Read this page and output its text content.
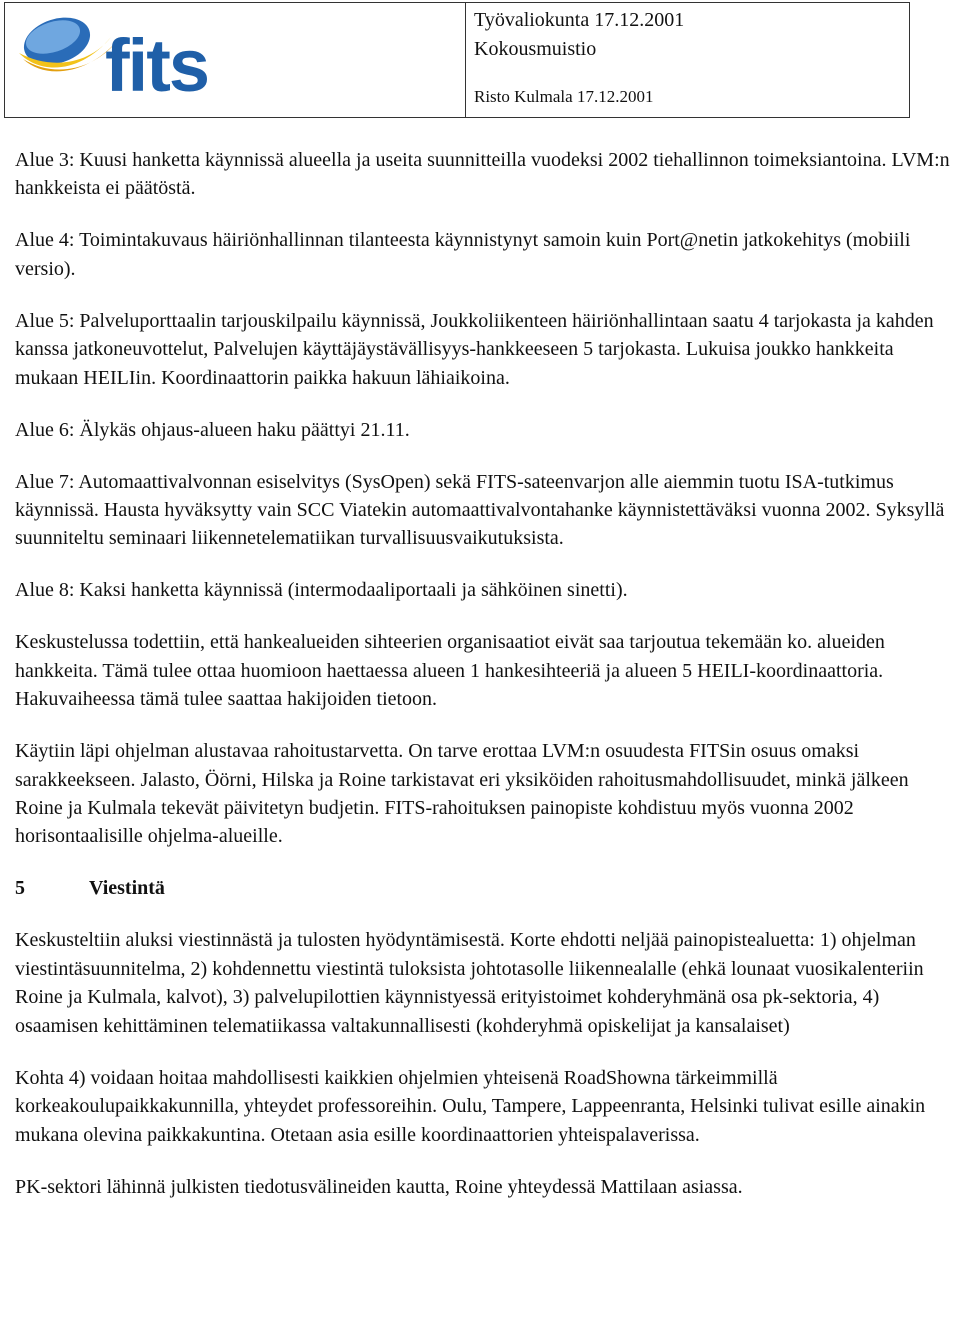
fits
Työvaliokunta 17.12.2001
Kokousmuistio
Risto Kulmala 17.12.2001

Alue 3: Kuusi hanketta käynnissä alueella ja useita suunnitteilla vuodeksi 2002 tiehallinnon toimeksiantoina. LVM:n hankkeista ei päätöstä.

Alue 4: Toimintakuvaus häiriönhallinnan tilanteesta käynnistynyt samoin kuin Port@netin jatkokehitys (mobiili versio).

Alue 5: Palveluporttaalin tarjouskilpailu käynnissä, Joukkoliikenteen häiriönhallintaan saatu 4 tarjokasta ja kahden kanssa jatkoneuvottelut, Palvelujen käyttäjäystävällisyys-hankkeeseen 5 tarjokasta. Lukuisa joukko hankkeita mukaan HEILIin. Koordinaattorin paikka hakuun lähiaikoina.

Alue 6: Älykäs ohjaus-alueen haku päättyi 21.11.

Alue 7: Automaattivalvonnan esiselvitys (SysOpen) sekä FITS-sateenvarjon alle aiemmin tuotu ISA-tutkimus käynnissä. Hausta hyväksytty vain SCC Viatekin automaattivalvontahanke käynnistettäväksi vuonna 2002. Syksyllä suunniteltu seminaari liikennetelematiikan turvallisuusvaikutuksista.

Alue 8: Kaksi hanketta käynnissä (intermodaaliportaali ja sähköinen sinetti).

Keskustelussa todettiin, että hankealueiden sihteerien organisaatiot eivät saa tarjoutua tekemään ko. alueiden hankkeita. Tämä tulee ottaa huomioon haettaessa alueen 1 hankesihteeriä ja alueen 5 HEILI-koordinaattoria. Hakuvaiheessa tämä tulee saattaa hakijoiden tietoon.

Käytiin läpi ohjelman alustavaa rahoitustarvetta. On tarve erottaa LVM:n osuudesta FITSin osuus omaksi sarakkeekseen. Jalasto, Öörni, Hilska ja Roine tarkistavat eri yksiköiden rahoitusmahdollisuudet, minkä jälkeen Roine ja Kulmala tekevät päivitetyn budjetin. FITS-rahoituksen painopiste kohdistuu myös vuonna 2002 horisontaalisille ohjelma-alueille.

5	Viestintä

Keskusteltiin aluksi viestinnästä ja tulosten hyödyntämisestä. Korte ehdotti neljää painopistealuetta: 1) ohjelman viestintäsuunnitelma, 2) kohdennettu viestintä tuloksista johtotasolle liikennealalle (ehkä lounaat vuosikalenteriin Roine ja Kulmala, kalvot), 3) palvelupilottien käynnistyessä erityistoimet kohderyhmänä osa pk-sektoria, 4) osaamisen kehittäminen telematiikassa valtakunnallisesti (kohderyhmä opiskelijat ja kansalaiset)

Kohta 4) voidaan hoitaa mahdollisesti kaikkien ohjelmien yhteisenä RoadShowna tärkeimmillä korkeakoulupaikkakunnilla, yhteydet professoreihin. Oulu, Tampere, Lappeenranta, Helsinki tulivat esille ainakin mukana olevina paikkakuntina. Otetaan asia esille koordinaattorien yhteispalaverissa.

PK-sektori lähinnä julkisten tiedotusvälineiden kautta, Roine yhteydessä Mattilaan asiassa.
